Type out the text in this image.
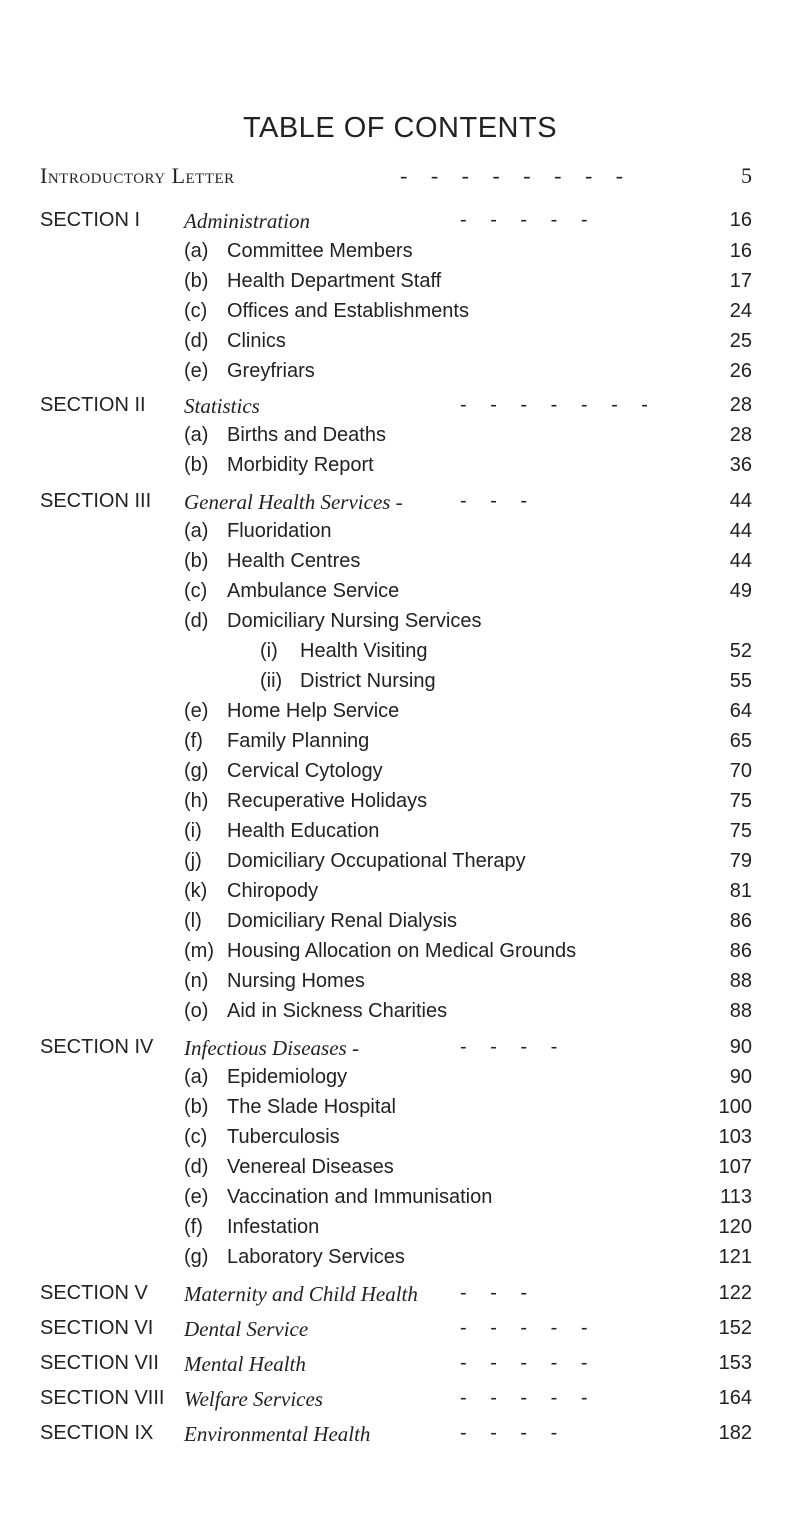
TABLE OF CONTENTS
Introductory Letter	- - - - - - - -	5
SECTION I Administration	- - - - -	16
(a) Committee Members	16
(b) Health Department Staff	17
(c) Offices and Establishments	24
(d) Clinics	25
(e) Greyfriars	26
SECTION II Statistics	- - - - - - -	28
(a) Births and Deaths	28
(b) Morbidity Report	36
SECTION III General Health Services -	- - -	44
(a) Fluoridation	44
(b) Health Centres	44
(c) Ambulance Service	49
(d) Domiciliary Nursing Services
(i) Health Visiting	52
(ii) District Nursing	55
(e) Home Help Service	64
(f) Family Planning	65
(g) Cervical Cytology	70
(h) Recuperative Holidays	75
(i) Health Education	75
(j) Domiciliary Occupational Therapy	79
(k) Chiropody	81
(l) Domiciliary Renal Dialysis	86
(m) Housing Allocation on Medical Grounds	86
(n) Nursing Homes	88
(o) Aid in Sickness Charities	88
SECTION IV Infectious Diseases -	- - - -	90
(a) Epidemiology	90
(b) The Slade Hospital	100
(c) Tuberculosis	103
(d) Venereal Diseases	107
(e) Vaccination and Immunisation	113
(f) Infestation	120
(g) Laboratory Services	121
SECTION V Maternity and Child Health - - -	122
SECTION VI Dental Service	- - - - -	152
SECTION VII Mental Health	- - - - -	153
SECTION VIII Welfare Services	- - - - -	164
SECTION IX Environmental Health	- - - -	182
